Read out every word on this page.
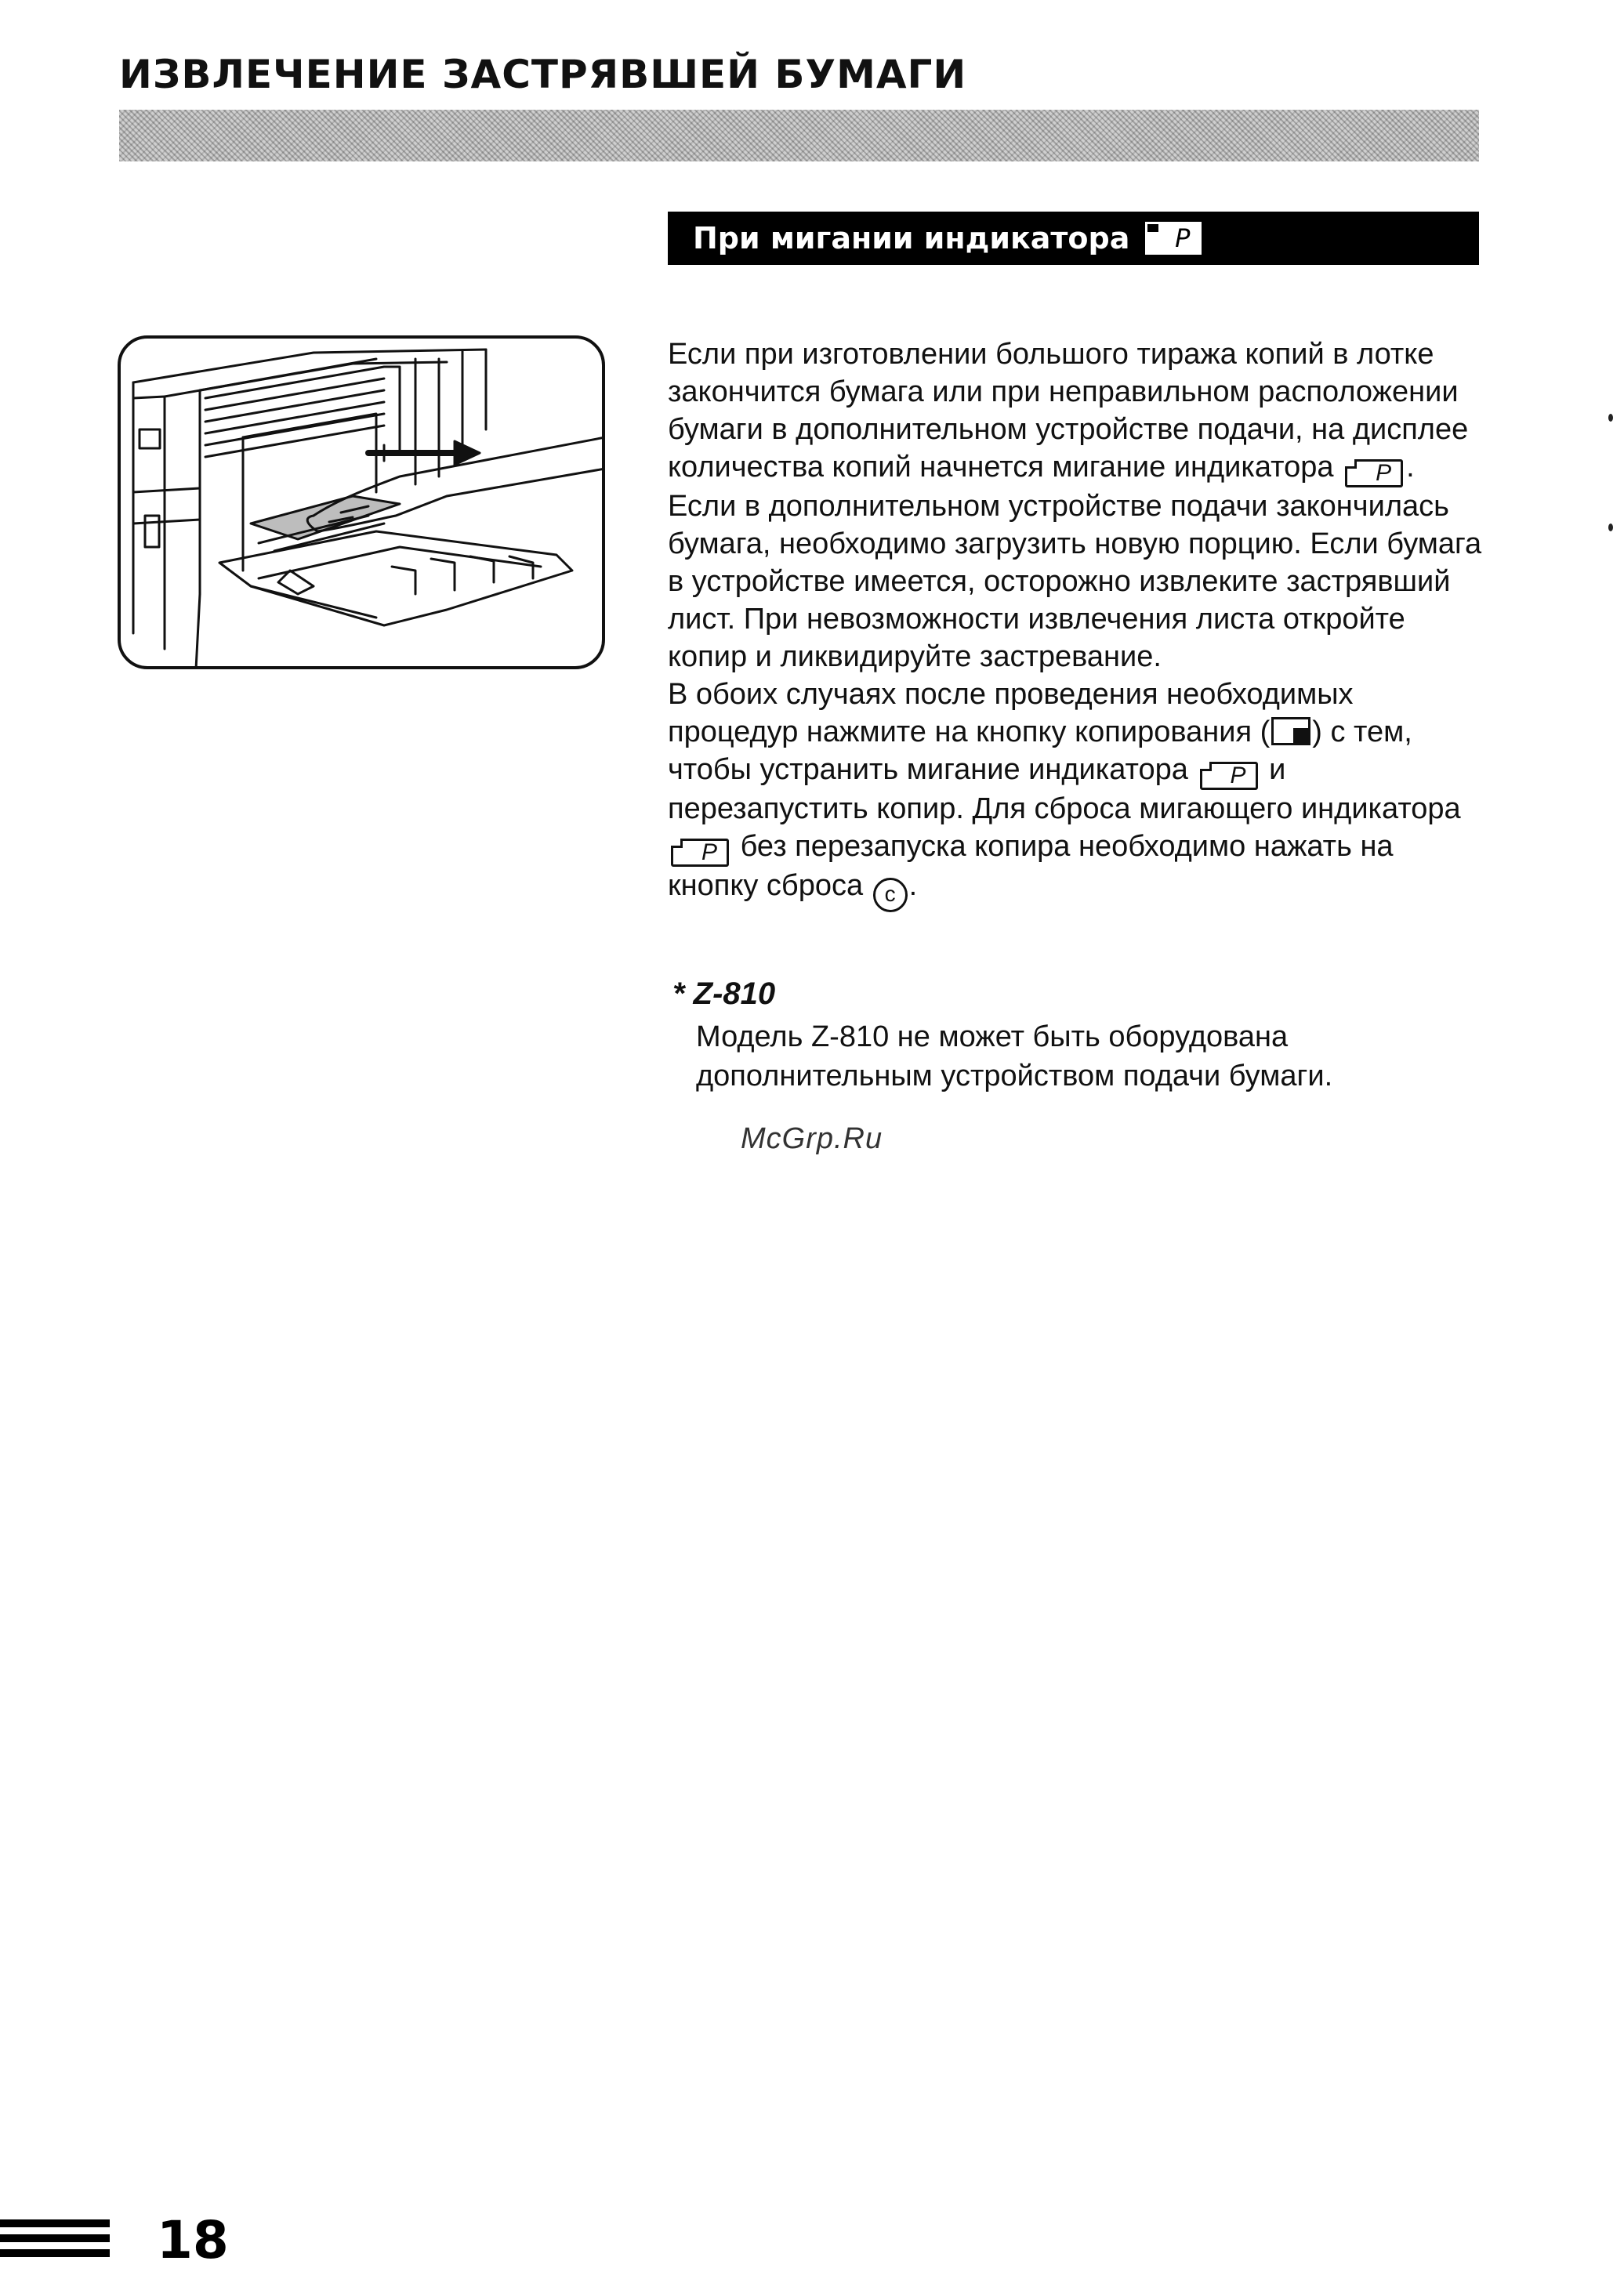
ИЗВЛЕЧЕНИЕ ЗАСТРЯВШЕЙ БУМАГИ
При мигании индикатора	P

Если при изготовлении большого тиража копий в лотке закончится бумага или при неправильном расположении бумаги в дополнительном устройстве подачи, на дисплее количества копий начнется мигание индикатора P . Если в дополнительном устройстве подачи закончилась бумага, необходимо загрузить новую порцию. Если бумага в устройстве имеется, осторожно извлеките застрявший лист. При невозможности извлечения листа откройте копир и ликвидируйте застревание.

В обоих случаях после проведения необходимых процедур нажмите на кнопку копирования ( ) с тем, чтобы устранить мигание индикатора P и перезапустить копир. Для сброса мигающего индикатора P без перезапуска копира необходимо нажать на кнопку сброса c .

* Z-810
Модель Z-810 не может быть оборудована дополнительным устройством подачи бумаги.
McGrp.Ru
18
